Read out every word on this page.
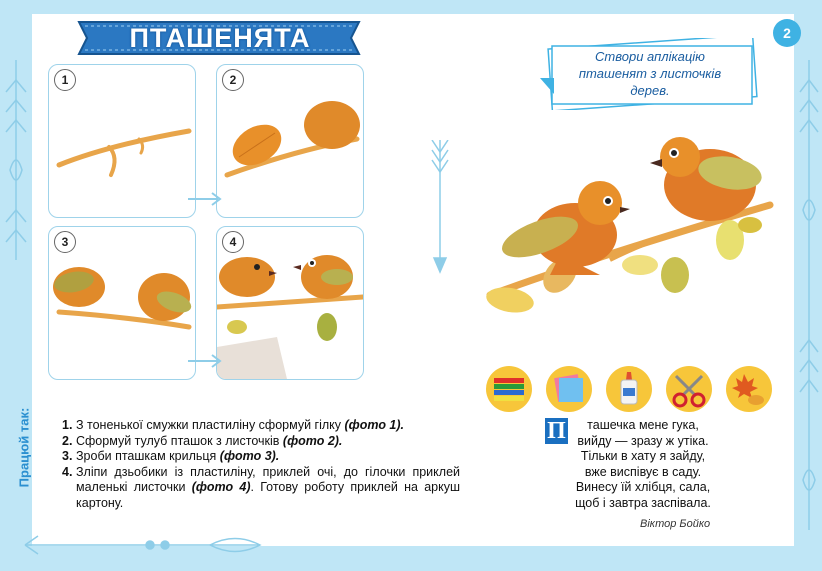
2
ПТАШЕНЯТА
1	2
3	4
Створи аплікацію пташенят з листочків дерев.
Працюй так: 1. З тоненької смужки пластиліну сформуй гілку (фото 1).
2. Сформуй тулуб пташок з листочків (фото 2).
3. Зроби пташкам крильця (фото 3).
4. Зліпи дзьобики із пластиліну, приклей очі, до гілочки приклей маленькі листочки (фото 4). Готову роботу приклей на аркуш картону.
П	ташечка мене гука,
вийду — зразу ж утіка.
Тільки в хату я зайду,
вже виспівує в саду.
Винесу їй хлібця, сала,
щоб і завтра заспівала.
Віктор Бойко
